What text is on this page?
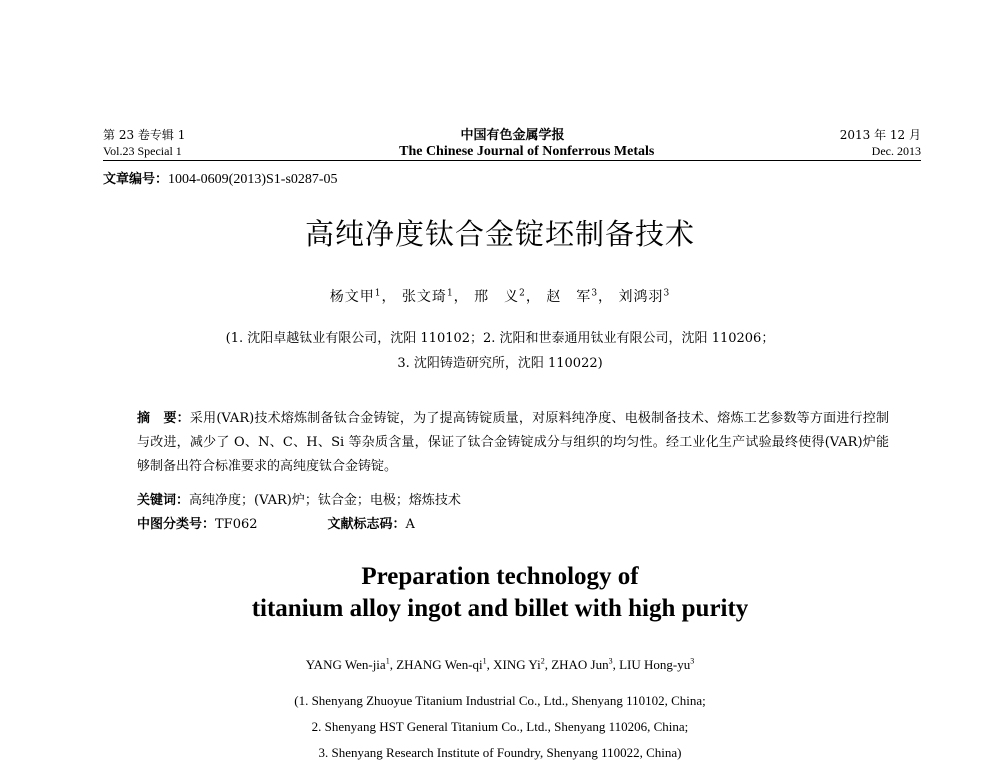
第 23 卷专辑 1	中国有色金属学报	2013 年 12 月
Vol.23 Special 1	The Chinese Journal of Nonferrous Metals	Dec. 2013
文章编号：1004-0609(2013)S1-s0287-05
高纯净度钛合金锭坯制备技术
杨文甲$^1$， 张文琦$^1$， 邢　义$^2$， 赵　军$^3$， 刘鸿羽$^3$
(1. 沈阳卓越钛业有限公司，沈阳 110102；2. 沈阳和世泰通用钛业有限公司，沈阳 110206；
3. 沈阳铸造研究所，沈阳 110022)
摘　要：采用(VAR)技术熔炼制备钛合金铸锭，为了提高铸锭质量，对原料纯净度、电极制备技术、熔炼工艺参数等方面进行控制与改进，减少了 O、N、C、H、Si 等杂质含量，保证了钛合金铸锭成分与组织的均匀性。经工业化生产试验最终使得(VAR)炉能够制备出符合标准要求的高纯度钛合金铸锭。
关键词：高纯净度；(VAR)炉；钛合金；电极；熔炼技术
中图分类号：TF062	文献标志码：A
Preparation technology of
titanium alloy ingot and billet with high purity
YANG Wen-jia$^1$, ZHANG Wen-$qi^1$, XING Yi$^2$, ZHAO Jun$^3$, LIU Hong-$yu^3$
(1. Shenyang Zhuoyue Titanium Industrial Co., Ltd., Shenyang 110102, China;
2. Shenyang HST General Titanium Co., Ltd., Shenyang 110206, China;
3. Shenyang Research Institute of Foundry, Shenyang 110022, China)
